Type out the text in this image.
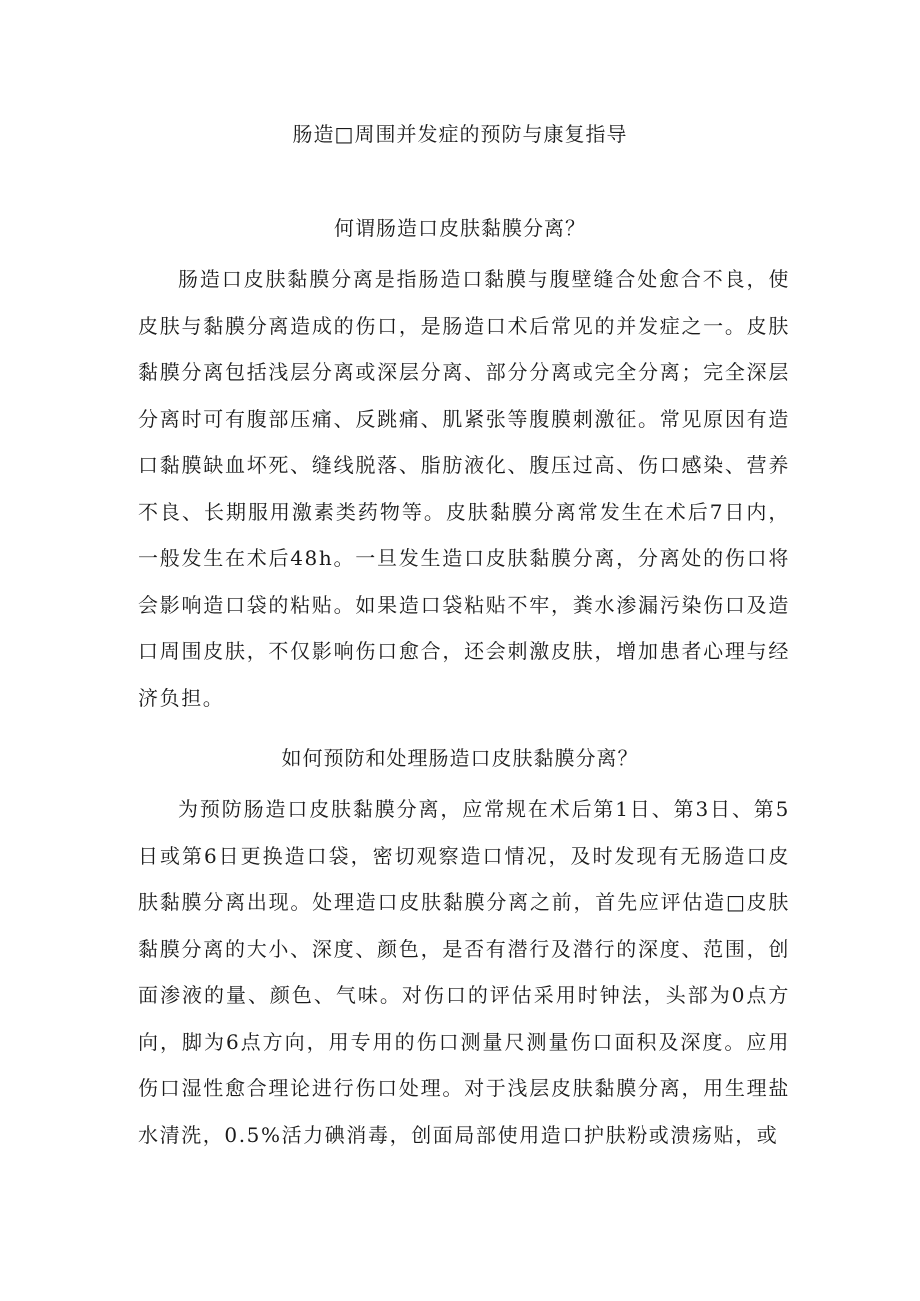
肠造□周围并发症的预防与康复指导
何谓肠造口皮肤黏膜分离？

肠造口皮肤黏膜分离是指肠造口黏膜与腹壁缝合处愈合不良，使皮肤与黏膜分离造成的伤口，是肠造口术后常见的并发症之一。皮肤黏膜分离包括浅层分离或深层分离、部分分离或完全分离；完全深层分离时可有腹部压痛、反跳痛、肌紧张等腹膜刺激征。常见原因有造口黏膜缺血坏死、缝线脱落、脂肪液化、腹压过高、伤口感染、营养不良、长期服用激素类药物等。皮肤黏膜分离常发生在术后7日内，一般发生在术后48h。一旦发生造口皮肤黏膜分离，分离处的伤口将会影响造口袋的粘贴。如果造口袋粘贴不牢，粪水渗漏污染伤口及造口周围皮肤，不仅影响伤口愈合，还会刺激皮肤，增加患者心理与经济负担。

如何预防和处理肠造口皮肤黏膜分离？

为预防肠造口皮肤黏膜分离，应常规在术后第1日、第3日、第5日或第6日更换造口袋，密切观察造口情况，及时发现有无肠造口皮肤黏膜分离出现。处理造口皮肤黏膜分离之前，首先应评估造□皮肤黏膜分离的大小、深度、颜色，是否有潜行及潜行的深度、范围，创面渗液的量、颜色、气味。对伤口的评估采用时钟法，头部为0点方向，脚为6点方向，用专用的伤口测量尺测量伤口面积及深度。应用伤口湿性愈合理论进行伤口处理。对于浅层皮肤黏膜分离，用生理盐水清洗，0.5%活力碘消毒，创面局部使用造口护肤粉或溃疡贴，或
